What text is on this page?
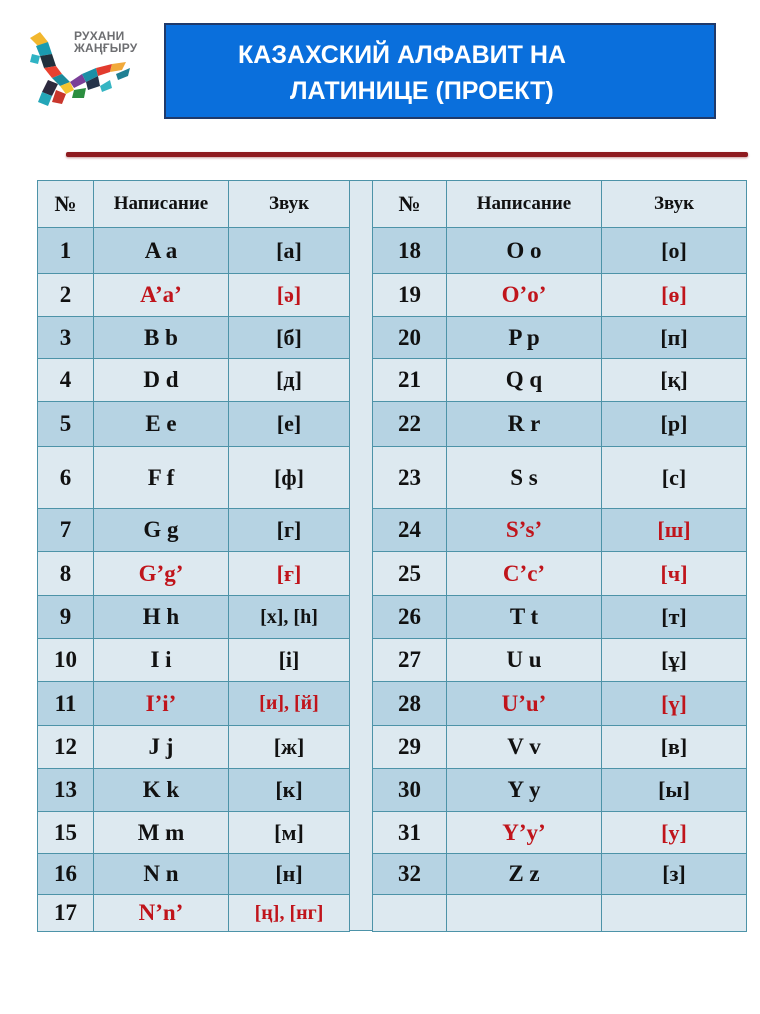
РУХАНИ
ЖАҢҒЫРУ	КАЗАХСКИЙ АЛФАВИТ НА
ЛАТИНИЦЕ (ПРОЕКТ)
№	Написание	Звук
1	A a	[а]
2	A’a’	[ә]
3	B b	[б]
4	D d	[д]
5	E e	[е]
6	F f	[ф]
7	G g	[г]
8	G’g’	[ғ]
9	H h	[х], [h]
10	I i	[і]
11	I’i’	[и], [й]
12	J j	[ж]
13	K k	[к]
15	M m	[м]
16	N n	[н]
17	N’n’	[ң], [нг]
№	Написание	Звук
18	O o	[о]
19	O’o’	[ө]
20	P p	[п]
21	Q q	[қ]
22	R r	[р]
23	S s	[с]
24	S’s’	[ш]
25	C’c’	[ч]
26	T t	[т]
27	U u	[ұ]
28	U’u’	[ү]
29	V v	[в]
30	Y y	[ы]
31	Y’y’	[у]
32	Z z	[з]
